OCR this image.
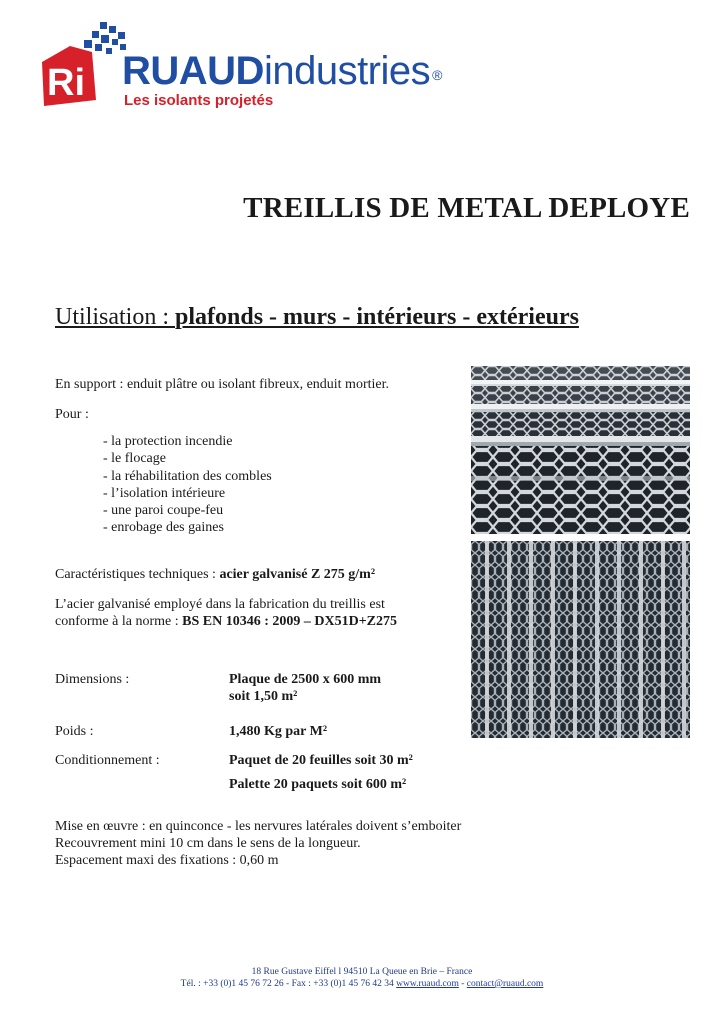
Ri RUAUDindustries ®
Les isolants projetés
TREILLIS DE METAL DEPLOYE
Utilisation : plafonds - murs - intérieurs - extérieurs
En support : enduit plâtre ou isolant fibreux, enduit mortier.
Pour :
- la protection incendie
- le flocage
- la réhabilitation des combles
- l’isolation intérieure
- une paroi coupe-feu
- enrobage des gaines
Caractéristiques techniques : acier galvanisé Z 275 g/m²
L’acier galvanisé employé dans la fabrication du treillis est
conforme à la norme : BS EN 10346 : 2009 – DX51D+Z275
Dimensions :	Plaque de 2500 x 600 mm
soit 1,50 m²
Poids :	1,480 Kg par M²
Conditionnement :	Paquet de 20 feuilles soit 30 m²
Palette 20 paquets soit 600 m²
Mise en œuvre : en quinconce - les nervures latérales doivent s’emboiter
Recouvrement mini 10 cm dans le sens de la longueur.
Espacement maxi des fixations : 0,60 m
18 Rue Gustave Eiffel l 94510 La Queue en Brie – France
Tél. : +33 (0)1 45 76 72 26 - Fax : +33 (0)1 45 76 42 34 www.ruaud.com - contact@ruaud.com
